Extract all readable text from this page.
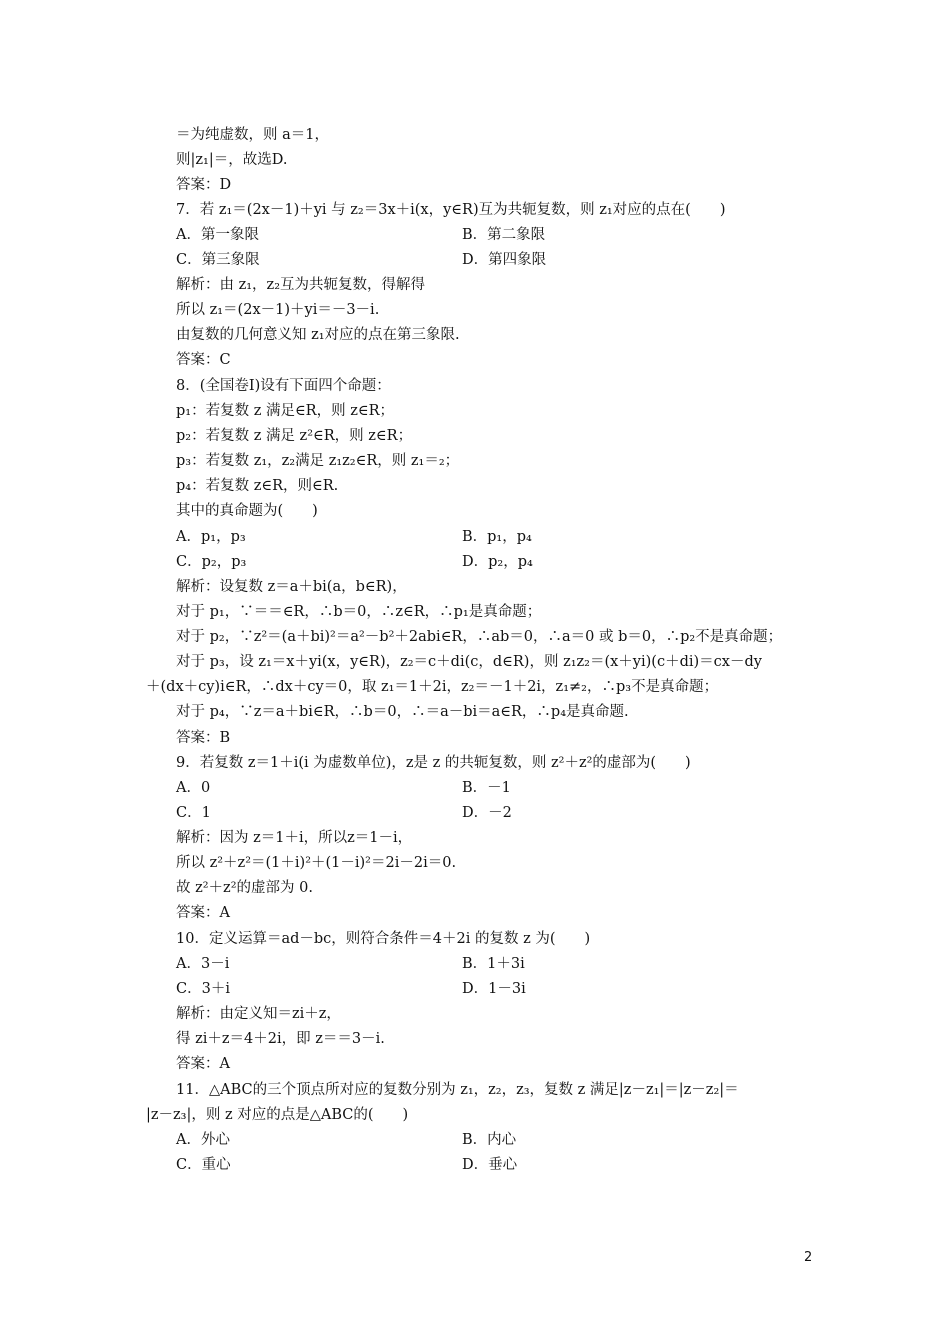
＝为纯虚数，则 a＝1，
则|z₁|＝，故选D.
答案：D
7．若 z₁＝(2x－1)＋yi 与 z₂＝3x＋i(x，y∈R)互为共轭复数，则 z₁对应的点在(　　)
A．第一象限	B．第二象限
C．第三象限	D．第四象限
解析：由 z₁，z₂互为共轭复数，得解得
所以 z₁＝(2x－1)＋yi＝－3－i.
由复数的几何意义知 z₁对应的点在第三象限.
答案：C
8．(全国卷Ⅰ)设有下面四个命题：
p₁：若复数 z 满足∈R，则 z∈R；
p₂：若复数 z 满足 z²∈R，则 z∈R；
p₃：若复数 z₁，z₂满足 z₁z₂∈R，则 z₁＝₂；
p₄：若复数 z∈R，则∈R.
其中的真命题为(　　)
A．p₁，p₃	B．p₁，p₄
C．p₂，p₃	D．p₂，p₄
解析：设复数 z＝a＋bi(a，b∈R)，
对于 p₁，∵＝＝∈R，∴b＝0，∴z∈R，∴p₁是真命题；
对于 p₂，∵z²＝(a＋bi)²＝a²－b²＋2abi∈R，∴ab＝0，∴a＝0 或 b＝0，∴p₂不是真命题；
对于 p₃，设 z₁＝x＋yi(x，y∈R)，z₂＝c＋di(c，d∈R)，则 z₁z₂＝(x＋yi)(c＋di)＝cx－dy
＋(dx＋cy)i∈R，∴dx＋cy＝0，取 z₁＝1＋2i，z₂＝－1＋2i，z₁≠₂，∴p₃不是真命题；
对于 p₄，∵z＝a＋bi∈R，∴b＝0，∴＝a－bi＝a∈R，∴p₄是真命题.
答案：B
9．若复数 z＝1＋i(i 为虚数单位)，z是 z 的共轭复数，则 z²＋z²的虚部为(　　)
A．0	B．－1
C．1	D．－2
解析：因为 z＝1＋i，所以z＝1－i，
所以 z²＋z²＝(1＋i)²＋(1－i)²＝2i－2i＝0.
故 z²＋z²的虚部为 0.
答案：A
10．定义运算＝ad－bc，则符合条件＝4＋2i 的复数 z 为(　　)
A．3－i	B．1＋3i
C．3＋i	D．1－3i
解析：由定义知＝zi＋z，
得 zi＋z＝4＋2i，即 z＝＝3－i.
答案：A
11．△ABC的三个顶点所对应的复数分别为 z₁，z₂，z₃，复数 z 满足|z－z₁|＝|z－z₂|＝
|z－z₃|，则 z 对应的点是△ABC的(　　)
A．外心	B．内心
C．重心	D．垂心
2
